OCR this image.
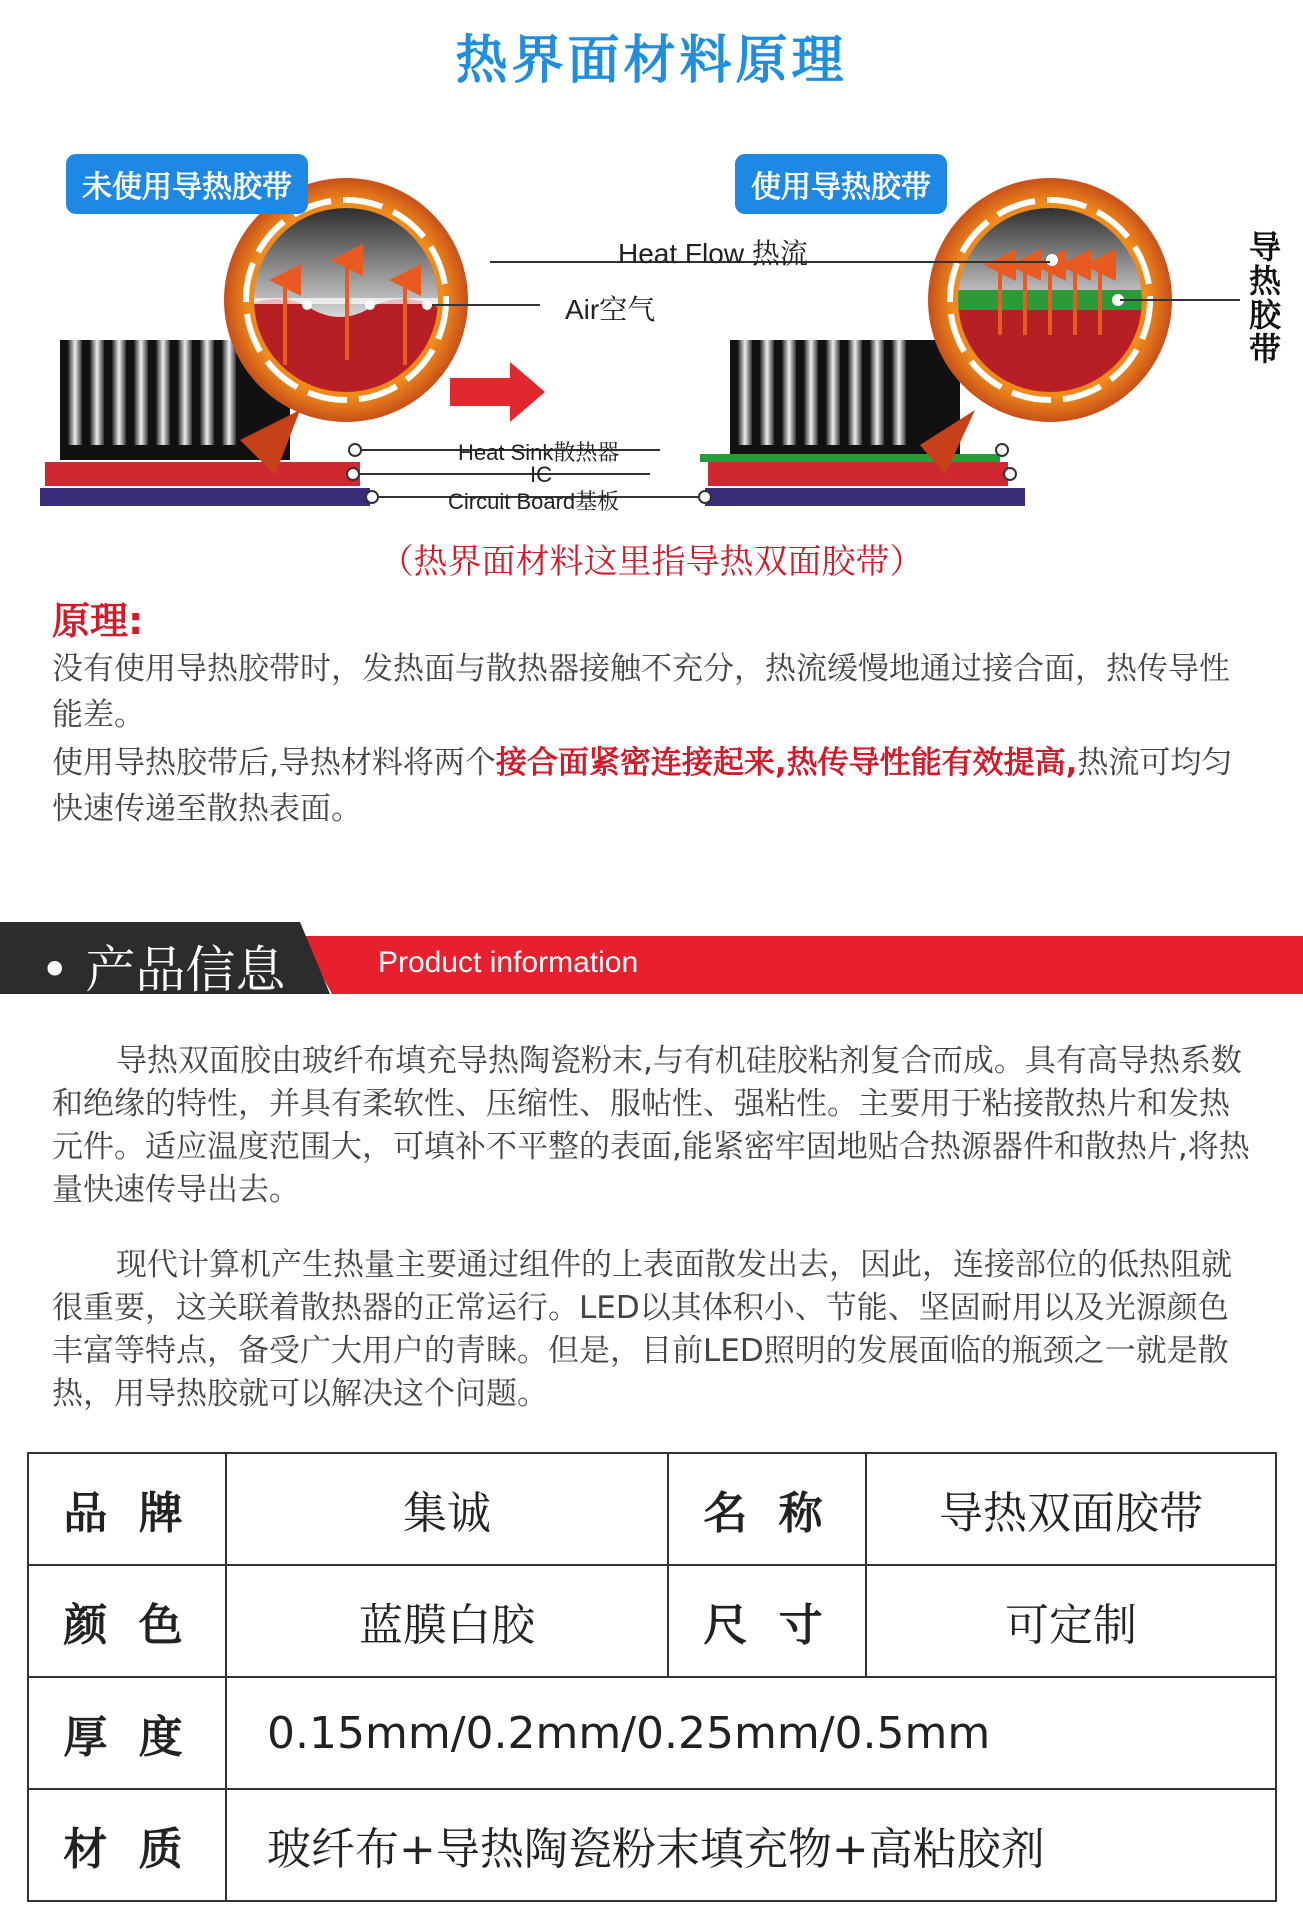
热界面材料原理
未使用导热胶带	使用导热胶带
Heat Flow 热流
Air空气
Heat Sink散热器
IC
Circuit Board基板
导热胶带
（热界面材料这里指导热双面胶带）
原理:
没有使用导热胶带时，发热面与散热器接触不充分，热流缓慢地通过接合面，热传导性能差。
使用导热胶带后,导热材料将两个接合面紧密连接起来,热传导性能有效提高,热流可均匀快速传递至散热表面。
• 产品信息	Product information
导热双面胶由玻纤布填充导热陶瓷粉末,与有机硅胶粘剂复合而成。具有高导热系数和绝缘的特性，并具有柔软性、压缩性、服帖性、强粘性。主要用于粘接散热片和发热元件。适应温度范围大，可填补不平整的表面,能紧密牢固地贴合热源器件和散热片,将热量快速传导出去。
现代计算机产生热量主要通过组件的上表面散发出去，因此，连接部位的低热阻就很重要，这关联着散热器的正常运行。LED以其体积小、节能、坚固耐用以及光源颜色丰富等特点，备受广大用户的青睐。但是，目前LED照明的发展面临的瓶颈之一就是散热，用导热胶就可以解决这个问题。
品 牌	集诚	名 称	导热双面胶带
颜 色	蓝膜白胶	尺 寸	可定制
厚 度	0.15mm/0.2mm/0.25mm/0.5mm		
材 质	玻纤布+导热陶瓷粉末填充物+高粘胶剂		
